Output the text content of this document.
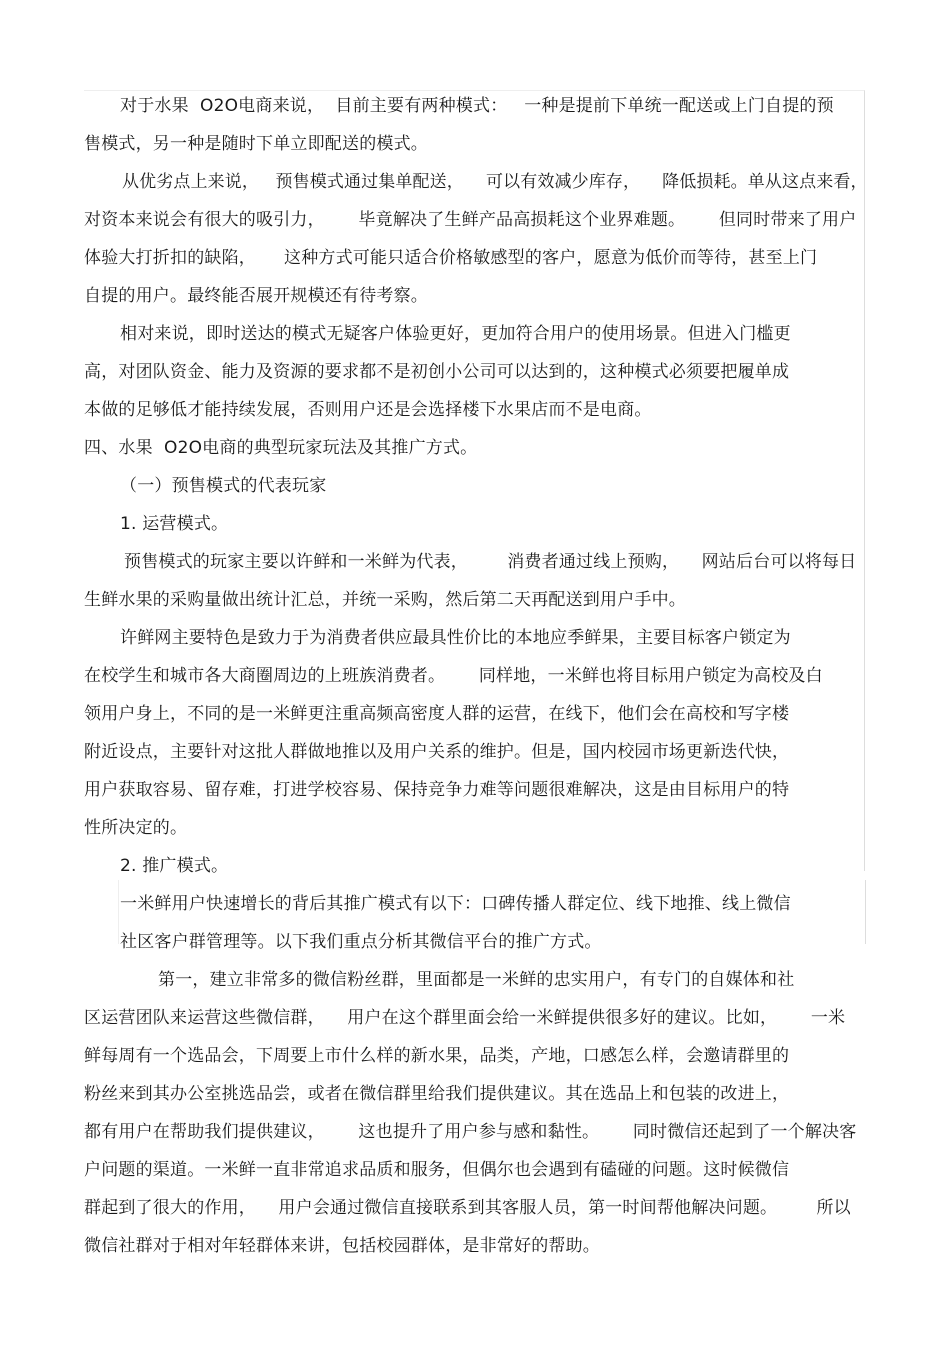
对于水果  O2O电商来说，  目前主要有两种模式：   一种是提前下单统一配送或上门自提的预
售模式，另一种是随时下单立即配送的模式。
从优劣点上来说，   预售模式通过集单配送，    可以有效减少库存，    降低损耗。单从这点来看，
对资本来说会有很大的吸引力，      毕竟解决了生鲜产品高损耗这个业界难题。      但同时带来了用户
体验大打折扣的缺陷，     这种方式可能只适合价格敏感型的客户，愿意为低价而等待，甚至上门
自提的用户。最终能否展开规模还有待考察。
相对来说，即时送达的模式无疑客户体验更好，更加符合用户的使用场景。但进入门槛更
高，对团队资金、能力及资源的要求都不是初创小公司可以达到的，这种模式必须要把履单成
本做的足够低才能持续发展，否则用户还是会选择楼下水果店而不是电商。
四、水果  O2O电商的典型玩家玩法及其推广方式。
（一）预售模式的代表玩家
1. 运营模式。
预售模式的玩家主要以许鲜和一米鲜为代表，       消费者通过线上预购，    网站后台可以将每日
生鲜水果的采购量做出统计汇总，并统一采购，然后第二天再配送到用户手中。
许鲜网主要特色是致力于为消费者供应最具性价比的本地应季鲜果，主要目标客户锁定为
在校学生和城市各大商圈周边的上班族消费者。      同样地，一米鲜也将目标用户锁定为高校及白
领用户身上，不同的是一米鲜更注重高频高密度人群的运营，在线下，他们会在高校和写字楼
附近设点，主要针对这批人群做地推以及用户关系的维护。但是，国内校园市场更新迭代快，
用户获取容易、留存难，打进学校容易、保持竞争力难等问题很难解决，这是由目标用户的特
性所决定的。
2. 推广模式。
一米鲜用户快速增长的背后其推广模式有以下：口碑传播人群定位、线下地推、线上微信
社区客户群管理等。以下我们重点分析其微信平台的推广方式。
第一，建立非常多的微信粉丝群，里面都是一米鲜的忠实用户，有专门的自媒体和社
区运营团队来运营这些微信群，    用户在这个群里面会给一米鲜提供很多好的建议。比如，      一米
鲜每周有一个选品会，下周要上市什么样的新水果，品类，产地，口感怎么样，会邀请群里的
粉丝来到其办公室挑选品尝，或者在微信群里给我们提供建议。其在选品上和包装的改进上，
都有用户在帮助我们提供建议，      这也提升了用户参与感和黏性。      同时微信还起到了一个解决客
户问题的渠道。一米鲜一直非常追求品质和服务，但偶尔也会遇到有磕碰的问题。这时候微信
群起到了很大的作用，    用户会通过微信直接联系到其客服人员，第一时间帮他解决问题。       所以
微信社群对于相对年轻群体来讲，包括校园群体，是非常好的帮助。
